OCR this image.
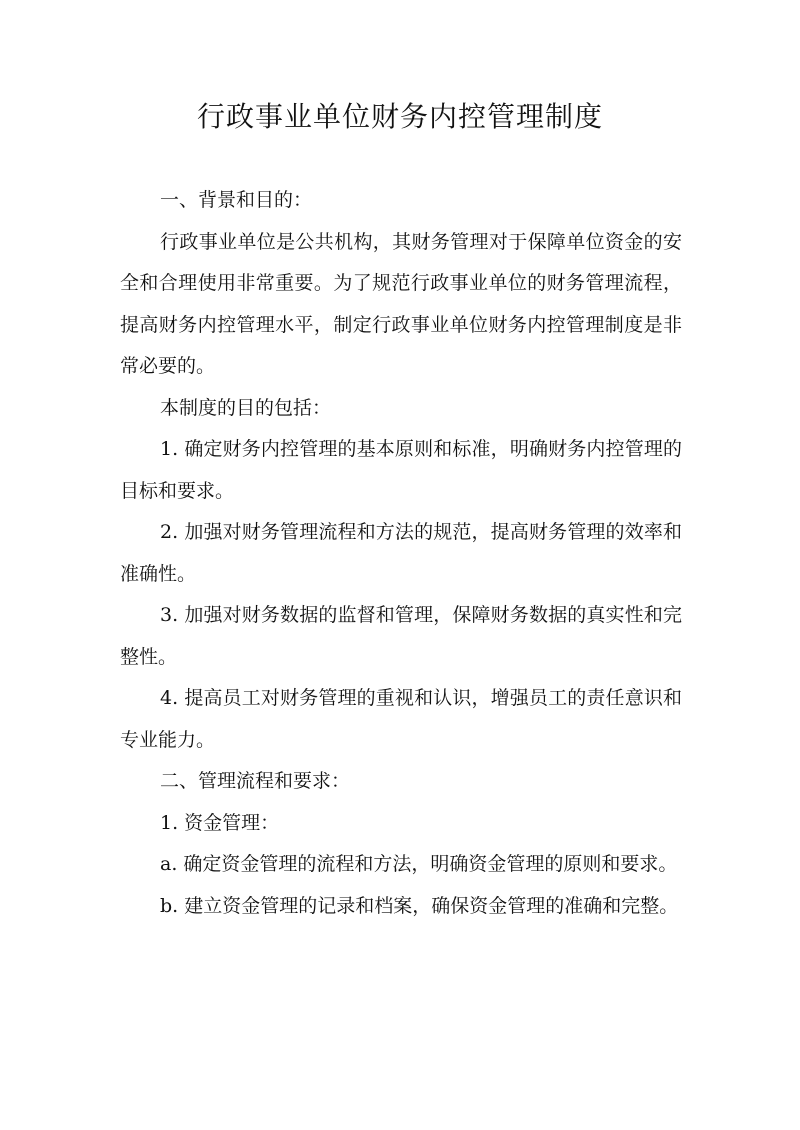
行政事业单位财务内控管理制度

一、背景和目的：

行政事业单位是公共机构，其财务管理对于保障单位资金的安全和合理使用非常重要。为了规范行政事业单位的财务管理流程，提高财务内控管理水平，制定行政事业单位财务内控管理制度是非常必要的。

本制度的目的包括：

1. 确定财务内控管理的基本原则和标准，明确财务内控管理的目标和要求。

2. 加强对财务管理流程和方法的规范，提高财务管理的效率和准确性。

3. 加强对财务数据的监督和管理，保障财务数据的真实性和完整性。

4. 提高员工对财务管理的重视和认识，增强员工的责任意识和专业能力。

二、管理流程和要求：

1. 资金管理：

a. 确定资金管理的流程和方法，明确资金管理的原则和要求。

b. 建立资金管理的记录和档案，确保资金管理的准确和完整。
